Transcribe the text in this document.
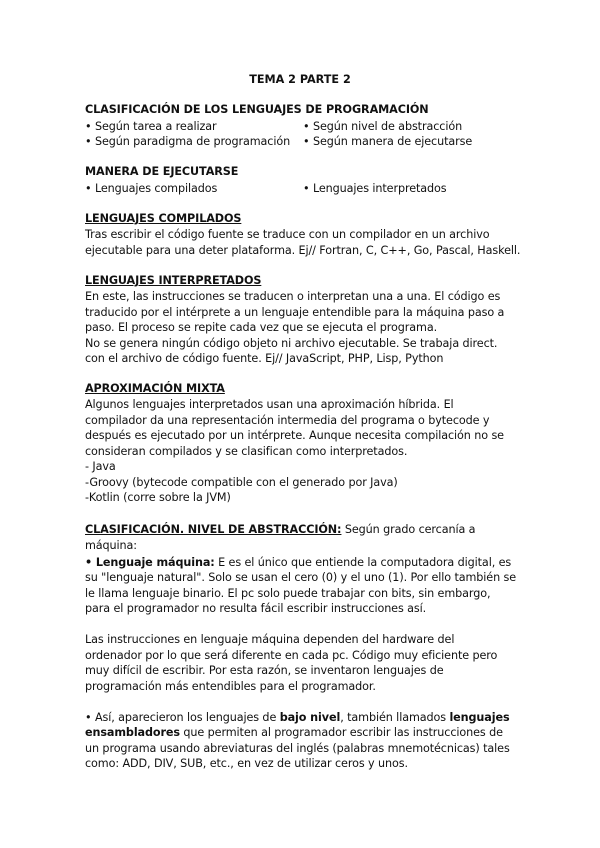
TEMA 2 PARTE 2
CLASIFICACIÓN DE LOS LENGUAJES DE PROGRAMACIÓN
• Según tarea a realizar	• Según nivel de abstracción
• Según paradigma de programación • Según manera de ejecutarse
MANERA DE EJECUTARSE
• Lenguajes compilados	• Lenguajes interpretados
LENGUAJES COMPILADOS
Tras escribir el código fuente se traduce con un compilador en un archivo
ejecutable para una deter plataforma. Ej// Fortran, C, C++, Go, Pascal, Haskell.
LENGUAJES INTERPRETADOS
En este, las instrucciones se traducen o interpretan una a una. El código es
traducido por el intérprete a un lenguaje entendible para la máquina paso a
paso. El proceso se repite cada vez que se ejecuta el programa.
No se genera ningún código objeto ni archivo ejecutable. Se trabaja direct.
con el archivo de código fuente. Ej// JavaScript, PHP, Lisp, Python
APROXIMACIÓN MIXTA
Algunos lenguajes interpretados usan una aproximación híbrida. El
compilador da una representación intermedia del programa o bytecode y
después es ejecutado por un intérprete. Aunque necesita compilación no se
consideran compilados y se clasifican como interpretados.
- Java
-Groovy (bytecode compatible con el generado por Java)
-Kotlin (corre sobre la JVM)
CLASIFICACIÓN. NIVEL DE ABSTRACCIÓN: Según grado cercanía a
máquina:
• Lenguaje máquina: E es el único que entiende la computadora digital, es
su "lenguaje natural". Solo se usan el cero (0) y el uno (1). Por ello también se
le llama lenguaje binario. El pc solo puede trabajar con bits, sin embargo,
para el programador no resulta fácil escribir instrucciones así.
Las instrucciones en lenguaje máquina dependen del hardware del
ordenador por lo que será diferente en cada pc. Código muy eficiente pero
muy difícil de escribir. Por esta razón, se inventaron lenguajes de
programación más entendibles para el programador.
• Así, aparecieron los lenguajes de bajo nivel, también llamados lenguajes
ensambladores que permiten al programador escribir las instrucciones de
un programa usando abreviaturas del inglés (palabras mnemotécnicas) tales
como: ADD, DIV, SUB, etc., en vez de utilizar ceros y unos.
